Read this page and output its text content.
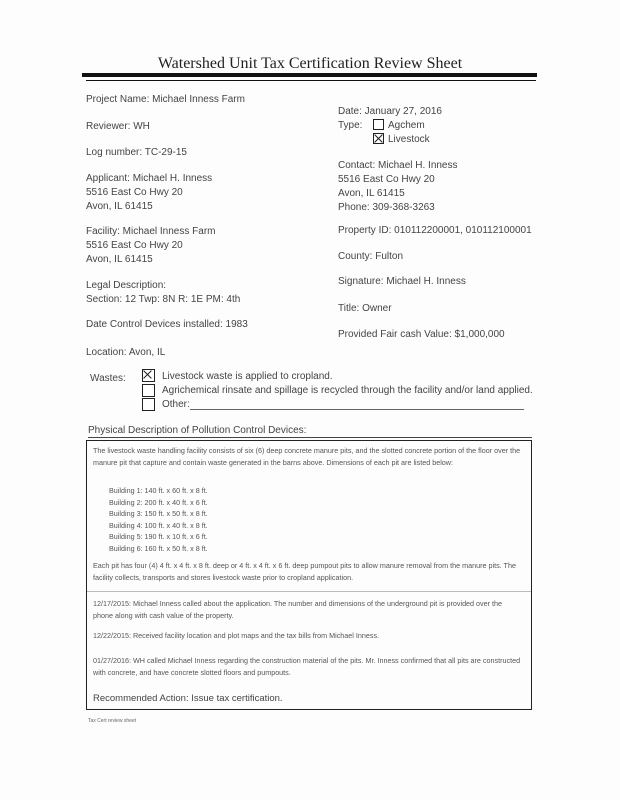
Watershed Unit Tax Certification Review Sheet
Project Name: Michael Inness Farm
Reviewer: WH
Log number: TC-29-15
Applicant: Michael H. Inness
5516 East Co Hwy 20
Avon, IL 61415
Facility: Michael Inness Farm
5516 East Co Hwy 20
Avon, IL 61415
Legal Description:
Section: 12 Twp: 8N R: 1E PM: 4th
Date Control Devices installed: 1983
Location: Avon, IL
Date: January 27, 2016
Type:	Agchem
Livestock
Contact: Michael H. Inness
5516 East Co Hwy 20
Avon, IL 61415
Phone: 309-368-3263
Property ID: 010112200001, 010112100001
County: Fulton
Signature: Michael H. Inness
Title: Owner
Provided Fair cash Value: $1,000,000
Wastes:	Livestock waste is applied to cropland.
Agrichemical rinsate and spillage is recycled through the facility and/or land applied.
Other:
Physical Description of Pollution Control Devices:
The livestock waste handling facility consists of six (6) deep concrete manure pits, and the slotted concrete portion of the floor over the manure pit that capture and contain waste generated in the barns above. Dimensions of each pit are listed below:
Building 1: 140 ft. x 60 ft. x 8 ft.
Building 2: 200 ft. x 40 ft. x 6 ft.
Building 3: 150 ft. x 50 ft. x 8 ft.
Building 4: 100 ft. x 40 ft. x 8 ft.
Building 5: 190 ft. x 10 ft. x 6 ft.
Building 6: 160 ft. x 50 ft. x 8 ft.
Each pit has four (4) 4 ft. x 4 ft. x 8 ft. deep or 4 ft. x 4 ft. x 6 ft. deep pumpout pits to allow manure removal from the manure pits. The facility collects, transports and stores livestock waste prior to cropland application.
12/17/2015: Michael Inness called about the application. The number and dimensions of the underground pit is provided over the phone along with cash value of the property.
12/22/2015: Received facility location and plot maps and the tax bills from Michael Inness.
01/27/2016: WH called Michael Inness regarding the construction material of the pits. Mr. Inness confirmed that all pits are constructed with concrete, and have concrete slotted floors and pumpouts.
Recommended Action: Issue tax certification.
Tax Cert review sheet
